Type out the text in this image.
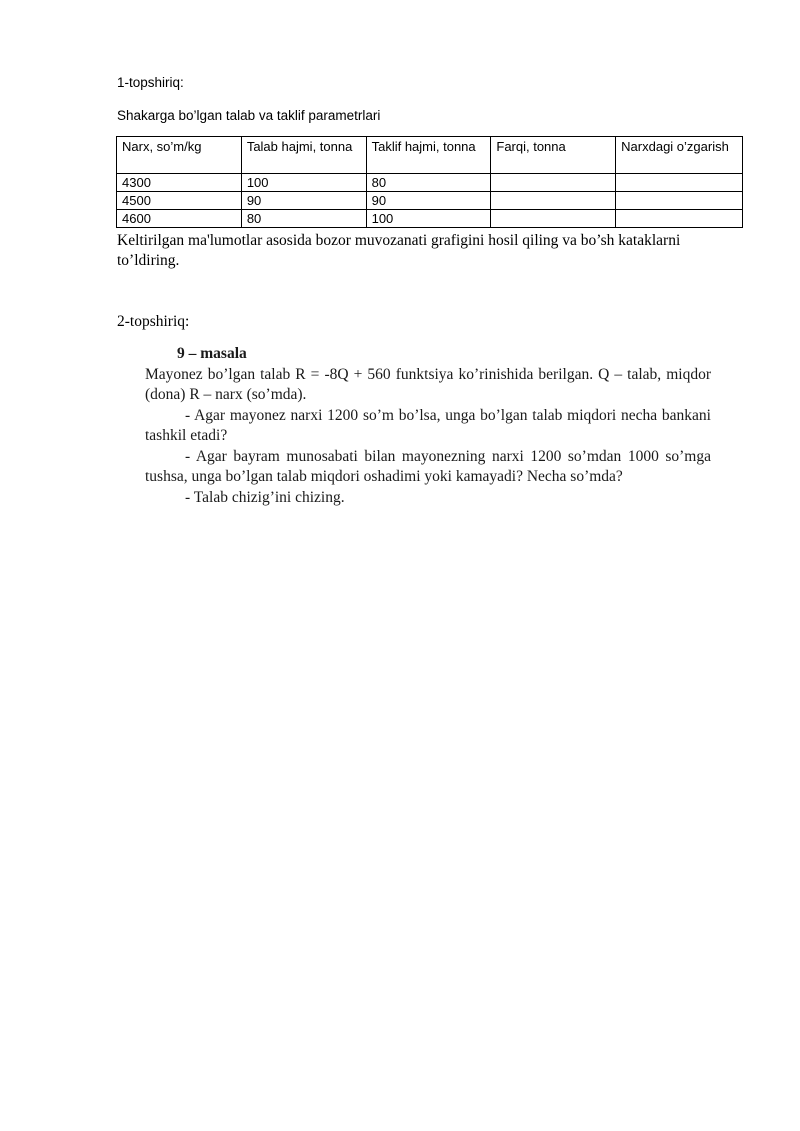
1-topshiriq:
Shakarga bo’lgan talab va taklif parametrlari
Narx, so’m/kg	Talab hajmi, tonna	Taklif hajmi, tonna	Farqi, tonna	Narxdagi o’zgarish
4300	100	80		
4500	90	90		
4600	80	100		
Keltirilgan ma'lumotlar asosida bozor muvozanati grafigini hosil qiling va bo’sh kataklarni to’ldiring.
2-topshiriq:
9 – masala

Mayonez bo’lgan talab R = -8Q + 560 funktsiya ko’rinishida berilgan. Q – talab, miqdor (dona) R – narx (so’mda).

- Agar mayonez narxi 1200 so’m bo’lsa, unga bo’lgan talab miqdori necha bankani tashkil etadi?

- Agar bayram munosabati bilan mayonezning narxi 1200 so’mdan 1000 so’mga tushsa, unga bo’lgan talab miqdori oshadimi yoki kamayadi? Necha so’mda?

- Talab chizig’ini chizing.
